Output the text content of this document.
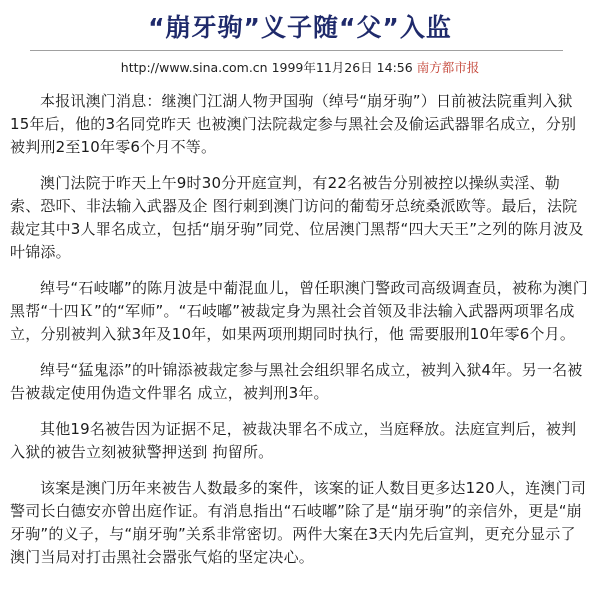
“崩牙驹”义子随“父”入监
http://www.sina.com.cn 1999年11月26日 14:56 南方都市报

本报讯澳门消息：继澳门江湖人物尹国驹（绰号“崩牙驹”）日前被法院重判入狱15年后，他的3名同党昨天 也被澳门法院裁定参与黑社会及偷运武器罪名成立，分别被判刑2至10年零6个月不等。

澳门法院于昨天上午9时30分开庭宣判，有22名被告分别被控以操纵卖淫、勒索、恐吓、非法输入武器及企 图行刺到澳门访问的葡萄牙总统桑派欧等。最后，法院裁定其中3人罪名成立，包括“崩牙驹”同党、位居澳门黑帮“四大天王”之列的陈月波及叶锦添。

绰号“石岐嘟”的陈月波是中葡混血儿，曾任职澳门警政司高级调查员，被称为澳门黑帮“十四Ｋ”的“军师”。“石岐嘟”被裁定身为黑社会首领及非法输入武器两项罪名成立，分别被判入狱3年及10年，如果两项刑期同时执行，他 需要服刑10年零6个月。

绰号“猛鬼添”的叶锦添被裁定参与黑社会组织罪名成立，被判入狱4年。另一名被告被裁定使用伪造文件罪名 成立，被判刑3年。

其他19名被告因为证据不足，被裁决罪名不成立，当庭释放。法庭宣判后，被判入狱的被告立刻被狱警押送到 拘留所。

该案是澳门历年来被告人数最多的案件，该案的证人数目更多达120人，连澳门司警司长白德安亦曾出庭作证。有消息指出“石岐嘟”除了是“崩牙驹”的亲信外，更是“崩牙驹”的义子，与“崩牙驹”关系非常密切。两件大案在3天内先后宣判，更充分显示了澳门当局对打击黑社会嚣张气焰的坚定决心。
